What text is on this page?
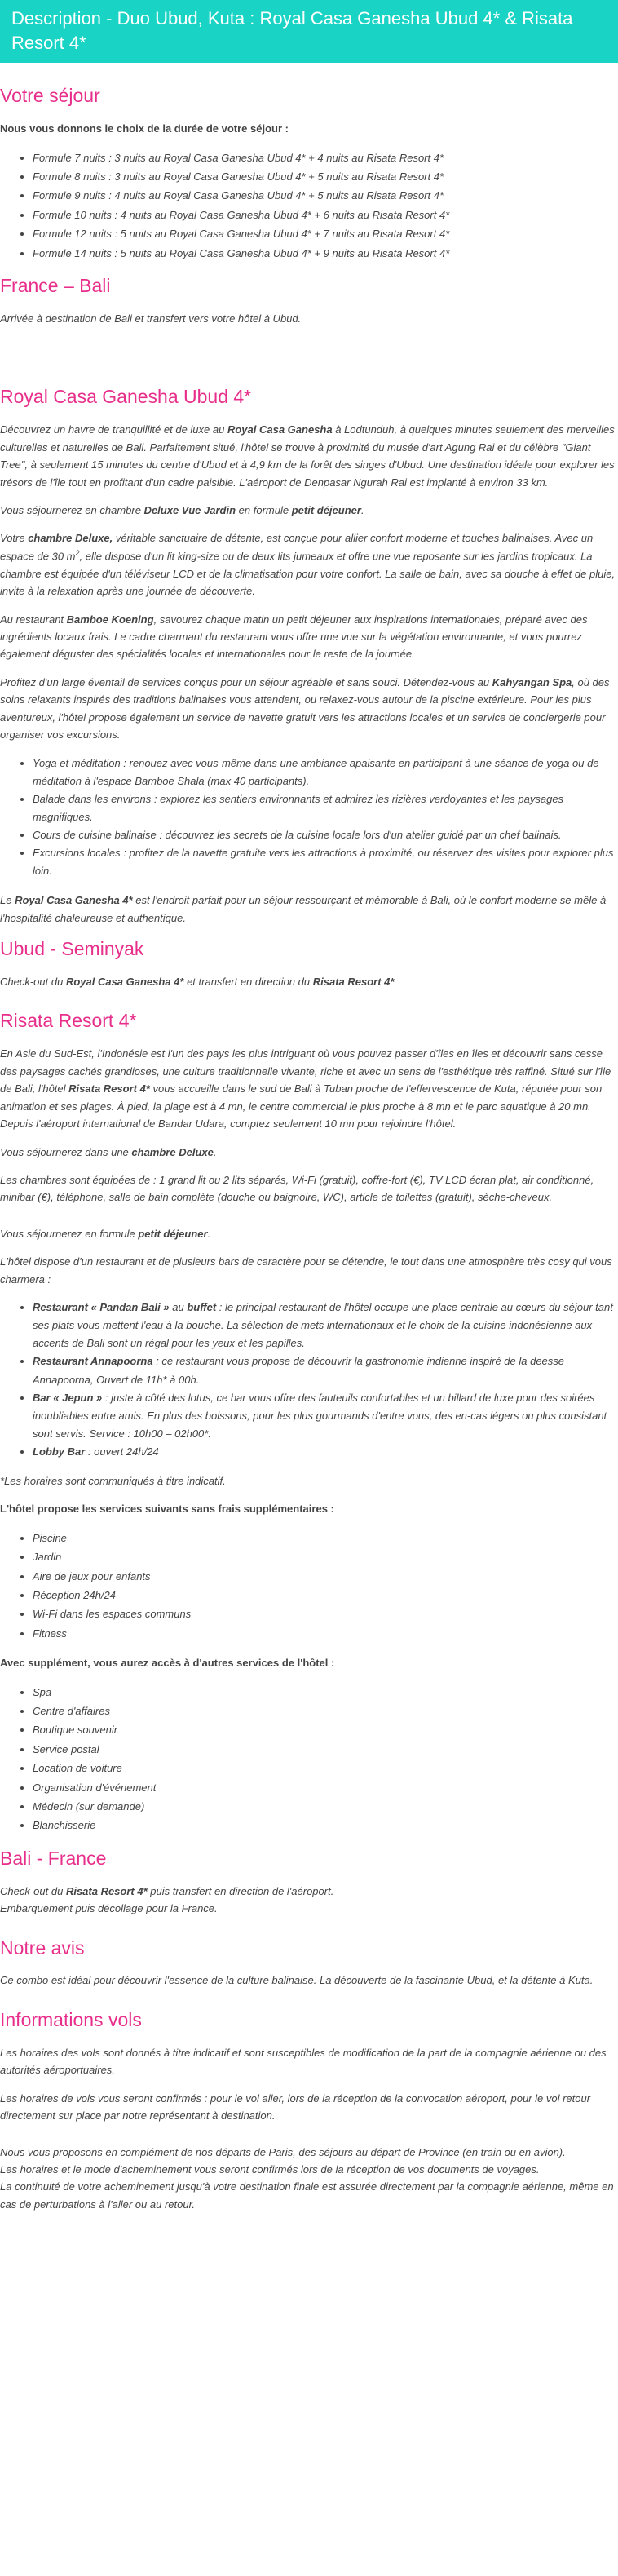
Description - Duo Ubud, Kuta : Royal Casa Ganesha Ubud 4* & Risata Resort 4*
Votre séjour

Nous vous donnons le choix de la durée de votre séjour :

• Formule 7 nuits : 3 nuits au Royal Casa Ganesha Ubud 4* + 4 nuits au Risata Resort 4*
• Formule 8 nuits : 3 nuits au Royal Casa Ganesha Ubud 4* + 5 nuits au Risata Resort 4*
• Formule 9 nuits : 4 nuits au Royal Casa Ganesha Ubud 4* + 5 nuits au Risata Resort 4*
• Formule 10 nuits : 4 nuits au Royal Casa Ganesha Ubud 4* + 6 nuits au Risata Resort 4*
• Formule 12 nuits : 5 nuits au Royal Casa Ganesha Ubud 4* + 7 nuits au Risata Resort 4*
• Formule 14 nuits : 5 nuits au Royal Casa Ganesha Ubud 4* + 9 nuits au Risata Resort 4*
France – Bali

Arrivée à destination de Bali et transfert vers votre hôtel à Ubud.

Royal Casa Ganesha Ubud 4*

Découvrez un havre de tranquillité et de luxe au Royal Casa Ganesha à Lodtunduh, à quelques minutes seulement des merveilles culturelles et naturelles de Bali. Parfaitement situé, l'hôtel se trouve à proximité du musée d'art Agung Rai et du célèbre "Giant Tree", à seulement 15 minutes du centre d'Ubud et à 4,9 km de la forêt des singes d'Ubud. Une destination idéale pour explorer les trésors de l'île tout en profitant d'un cadre paisible. L'aéroport de Denpasar Ngurah Rai est implanté à environ 33 km.

Vous séjournerez en chambre Deluxe Vue Jardin en formule petit déjeuner.

Votre chambre Deluxe, véritable sanctuaire de détente, est conçue pour allier confort moderne et touches balinaises. Avec un espace de 30 $m^2$, elle dispose d'un lit king-size ou de deux lits jumeaux et offre une vue reposante sur les jardins tropicaux. La chambre est équipée d'un téléviseur LCD et de la climatisation pour votre confort. La salle de bain, avec sa douche à effet de pluie, invite à la relaxation après une journée de découverte.

Au restaurant Bamboe Koening, savourez chaque matin un petit déjeuner aux inspirations internationales, préparé avec des ingrédients locaux frais. Le cadre charmant du restaurant vous offre une vue sur la végétation environnante, et vous pourrez également déguster des spécialités locales et internationales pour le reste de la journée.

Profitez d'un large éventail de services conçus pour un séjour agréable et sans souci. Détendez-vous au Kahyangan Spa, où des soins relaxants inspirés des traditions balinaises vous attendent, ou relaxez-vous autour de la piscine extérieure. Pour les plus aventureux, l'hôtel propose également un service de navette gratuit vers les attractions locales et un service de conciergerie pour organiser vos excursions.

• Yoga et méditation : renouez avec vous-même dans une ambiance apaisante en participant à une séance de yoga ou de méditation à l'espace Bamboe Shala (max 40 participants).
• Balade dans les environs : explorez les sentiers environnants et admirez les rizières verdoyantes et les paysages magnifiques.
• Cours de cuisine balinaise : découvrez les secrets de la cuisine locale lors d'un atelier guidé par un chef balinais.
• Excursions locales : profitez de la navette gratuite vers les attractions à proximité, ou réservez des visites pour explorer plus loin.

Le Royal Casa Ganesha 4* est l'endroit parfait pour un séjour ressourçant et mémorable à Bali, où le confort moderne se mêle à l'hospitalité chaleureuse et authentique.

Ubud - Seminyak

Check-out du Royal Casa Ganesha 4* et transfert en direction du Risata Resort 4*

Risata Resort 4*

En Asie du Sud-Est, l'Indonésie est l'un des pays les plus intriguant où vous pouvez passer d'îles en îles et découvrir sans cesse des paysages cachés grandioses, une culture traditionnelle vivante, riche et avec un sens de l'esthétique très raffiné. Situé sur l'île de Bali, l'hôtel Risata Resort 4* vous accueille dans le sud de Bali à Tuban proche de l'effervescence de Kuta, réputée pour son animation et ses plages. À pied, la plage est à 4 mn, le centre commercial le plus proche à 8 mn et le parc aquatique à 20 mn. Depuis l'aéroport international de Bandar Udara, comptez seulement 10 mn pour rejoindre l'hôtel.

Vous séjournerez dans une chambre Deluxe.

Les chambres sont équipées de : 1 grand lit ou 2 lits séparés, Wi-Fi (gratuit), coffre-fort (€), TV LCD écran plat, air conditionné, minibar (€), téléphone, salle de bain complète (douche ou baignoire, WC), article de toilettes (gratuit), sèche-cheveux.

Vous séjournerez en formule petit déjeuner.

L'hôtel dispose d'un restaurant et de plusieurs bars de caractère pour se détendre, le tout dans une atmosphère très cosy qui vous charmera :

• Restaurant « Pandan Bali » au buffet : le principal restaurant de l'hôtel occupe une place centrale au cœurs du séjour tant ses plats vous mettent l'eau à la bouche. La sélection de mets internationaux et le choix de la cuisine indonésienne aux accents de Bali sont un régal pour les yeux et les papilles.
• Restaurant Annapoorna : ce restaurant vous propose de découvrir la gastronomie indienne inspiré de la deesse Annapoorna, Ouvert de 11h* à 00h.
• Bar « Jepun » : juste à côté des lotus, ce bar vous offre des fauteuils confortables et un billard de luxe pour des soirées inoubliables entre amis. En plus des boissons, pour les plus gourmands d'entre vous, des en-cas légers ou plus consistant sont servis. Service : 10h00 – 02h00*.
• Lobby Bar : ouvert 24h/24

*Les horaires sont communiqués à titre indicatif.

L'hôtel propose les services suivants sans frais supplémentaires :

• Piscine
• Jardin
• Aire de jeux pour enfants
• Réception 24h/24
• Wi-Fi dans les espaces communs
• Fitness

Avec supplément, vous aurez accès à d'autres services de l'hôtel :

• Spa
• Centre d'affaires
• Boutique souvenir
• Service postal
• Location de voiture
• Organisation d'événement
• Médecin (sur demande)
• Blanchisserie
Bali - France

Check-out du Risata Resort 4* puis transfert en direction de l'aéroport.
Embarquement puis décollage pour la France.

Notre avis

Ce combo est idéal pour découvrir l'essence de la culture balinaise. La découverte de la fascinante Ubud, et la détente à Kuta.

Informations vols

Les horaires des vols sont donnés à titre indicatif et sont susceptibles de modification de la part de la compagnie aérienne ou des autorités aéroportuaires.

Les horaires de vols vous seront confirmés : pour le vol aller, lors de la réception de la convocation aéroport, pour le vol retour directement sur place par notre représentant à destination.

Nous vous proposons en complément de nos départs de Paris, des séjours au départ de Province (en train ou en avion).
Les horaires et le mode d'acheminement vous seront confirmés lors de la réception de vos documents de voyages.
La continuité de votre acheminement jusqu'à votre destination finale est assurée directement par la compagnie aérienne, même en cas de perturbations à l'aller ou au retour.
